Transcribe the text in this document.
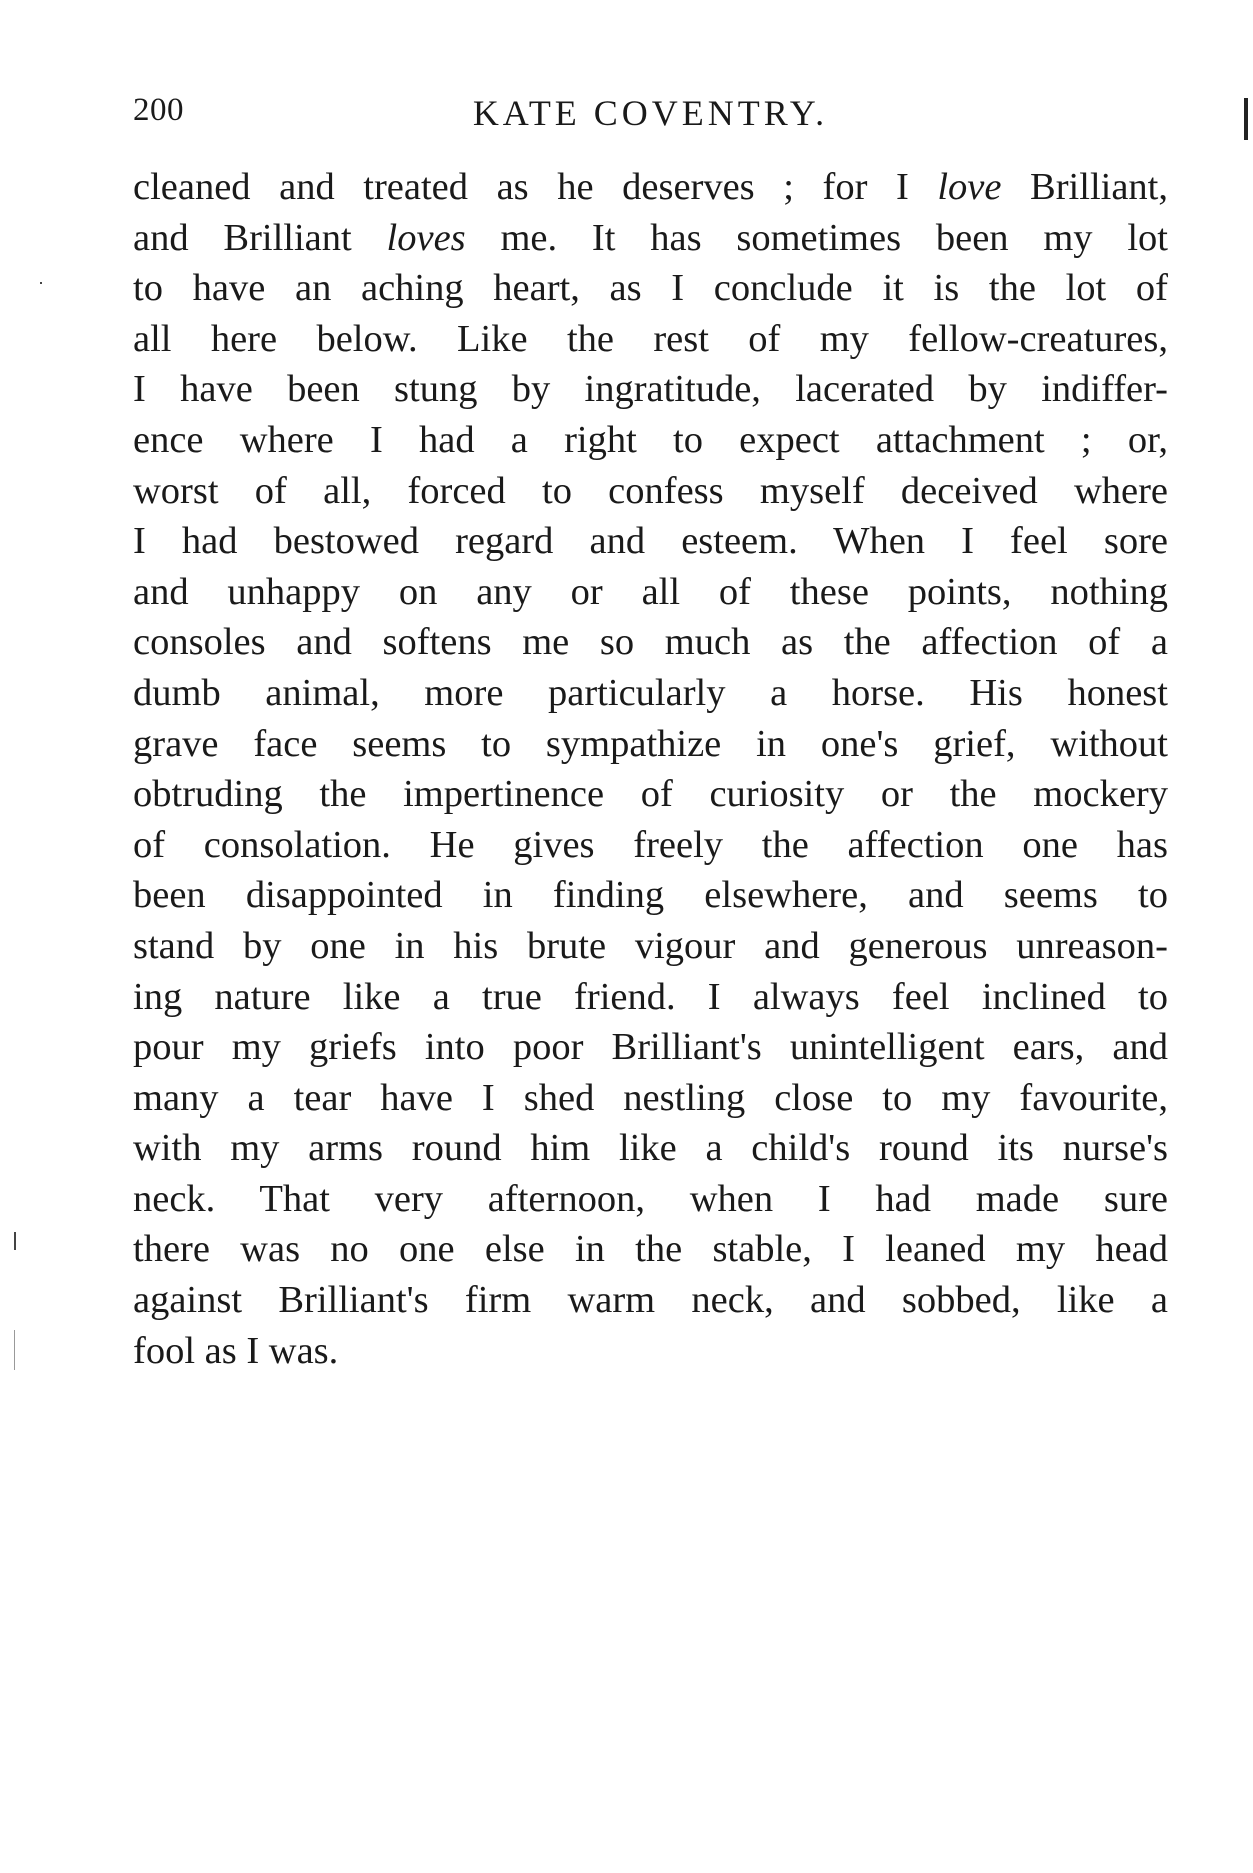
200	KATE COVENTRY.
cleaned and treated as he deserves ; for I love Brilliant,
and Brilliant loves me. It has sometimes been my lot
to have an aching heart, as I conclude it is the lot of
all here below. Like the rest of my fellow-creatures,
I have been stung by ingratitude, lacerated by indiffer-
ence where I had a right to expect attachment ; or,
worst of all, forced to confess myself deceived where
I had bestowed regard and esteem. When I feel sore
and unhappy on any or all of these points, nothing
consoles and softens me so much as the affection of a
dumb animal, more particularly a horse. His honest
grave face seems to sympathize in one's grief, without
obtruding the impertinence of curiosity or the mockery
of consolation. He gives freely the affection one has
been disappointed in finding elsewhere, and seems to
stand by one in his brute vigour and generous unreason-
ing nature like a true friend. I always feel inclined to
pour my griefs into poor Brilliant's unintelligent ears, and
many a tear have I shed nestling close to my favourite,
with my arms round him like a child's round its nurse's
neck. That very afternoon, when I had made sure
there was no one else in the stable, I leaned my head
against Brilliant's firm warm neck, and sobbed, like a
fool as I was.
